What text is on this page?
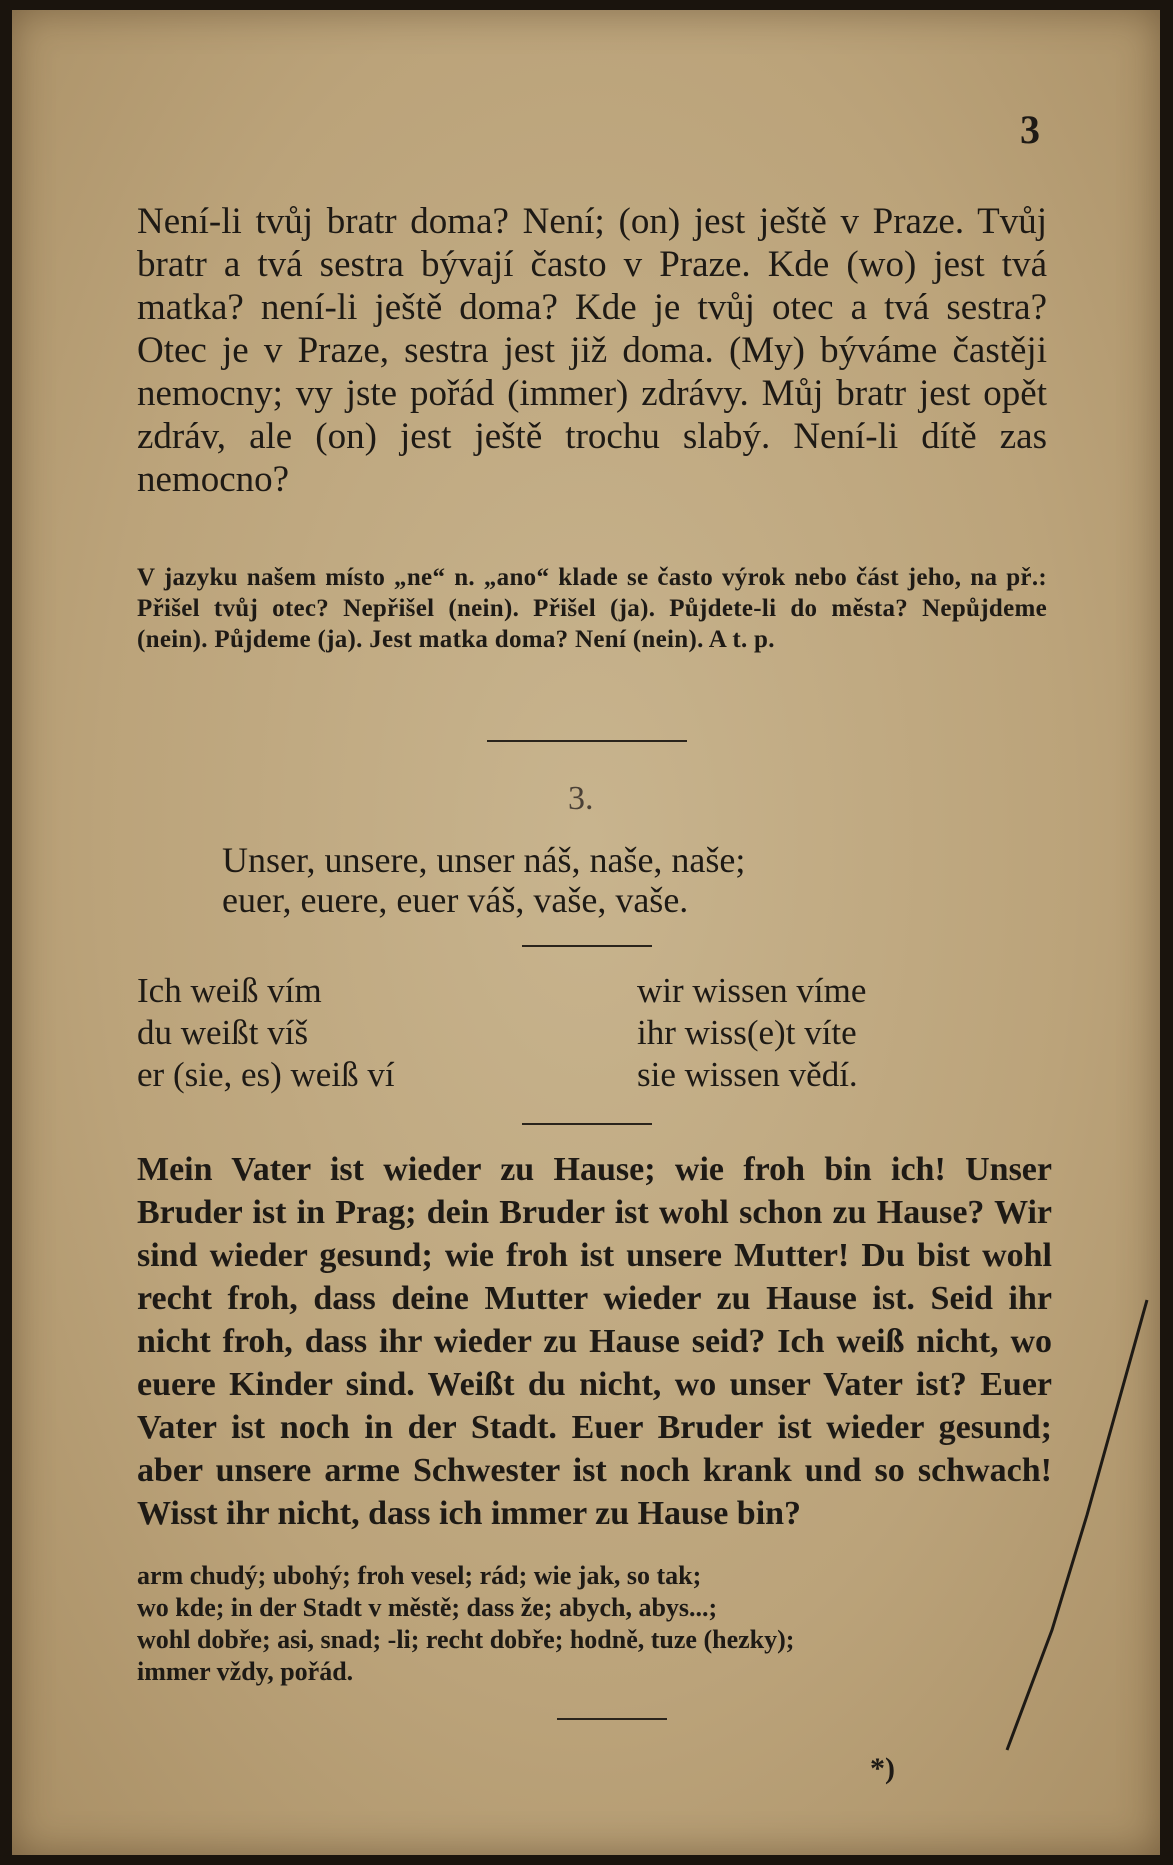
3

Není-li tvůj bratr doma? Není; (on) jest ještě v Praze. Tvůj bratr a tvá sestra bývají často v Praze. Kde (wo) jest tvá matka? není-li ještě doma? Kde je tvůj otec a tvá sestra? Otec je v Praze, sestra jest již doma. (My) býváme častěji nemocny; vy jste pořád (immer) zdrávy. Můj bratr jest opět zdráv, ale (on) jest ještě trochu slabý. Není-li dítě zas nemocno?

V jazyku našem místo „ne“ n. „ano“ klade se často výrok nebo část jeho, na př.: Přišel tvůj otec? Nepřišel (nein). Přišel (ja). Půjdete-li do města? Nepůjdeme (nein). Půjdeme (ja). Jest matka doma? Není (nein). A t. p.

3.
Unser, unsere, unser náš, naše, naše;
euer, euere, euer váš, vaše, vaše.
Ich weiß vím
du weißt víš
er (sie, es) weiß ví
wir wissen víme
ihr wiss(e)t víte
sie wissen vědí.

Mein Vater ist wieder zu Hause; wie froh bin ich! Unser Bruder ist in Prag; dein Bruder ist wohl schon zu Hause? Wir sind wieder gesund; wie froh ist unsere Mutter! Du bist wohl recht froh, dass deine Mutter wieder zu Hause ist. Seid ihr nicht froh, dass ihr wieder zu Hause seid? Ich weiß nicht, wo euere Kinder sind. Weißt du nicht, wo unser Vater ist? Euer Vater ist noch in der Stadt. Euer Bruder ist wieder gesund; aber unsere arme Schwester ist noch krank und so schwach! Wisst ihr nicht, dass ich immer zu Hause bin?

arm chudý; ubohý; froh vesel; rád; wie jak, so tak;
wo kde; in der Stadt v městě; dass že; abych, abys...;
wohl dobře; asi, snad; -li; recht dobře; hodně, tuze (hezky);
immer vždy, pořád.
*)
